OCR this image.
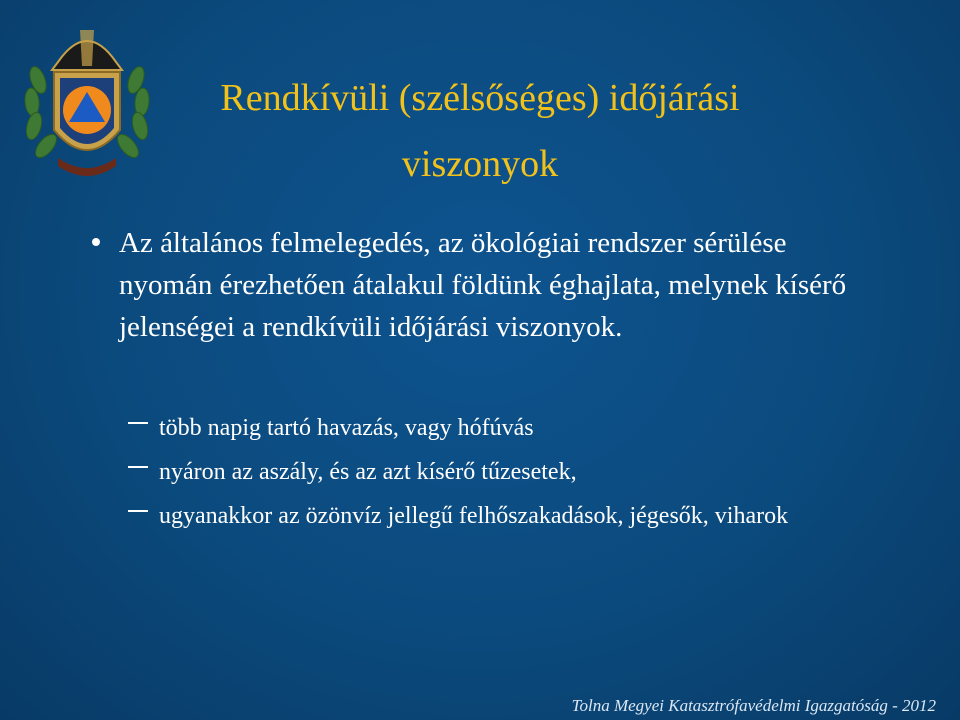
Rendkívüli (szélsőséges) időjárási
viszonyok
Az általános felmelegedés, az ökológiai rendszer sérülése nyomán érezhetően átalakul földünk éghajlata, melynek kísérő jelenségei a rendkívüli időjárási viszonyok.
több napig tartó havazás, vagy hófúvás
nyáron az aszály, és az azt kísérő tűzesetek,
ugyanakkor az özönvíz jellegű felhőszakadások, jégesők, viharok
Tolna Megyei Katasztrófavédelmi Igazgatóság - 2012
